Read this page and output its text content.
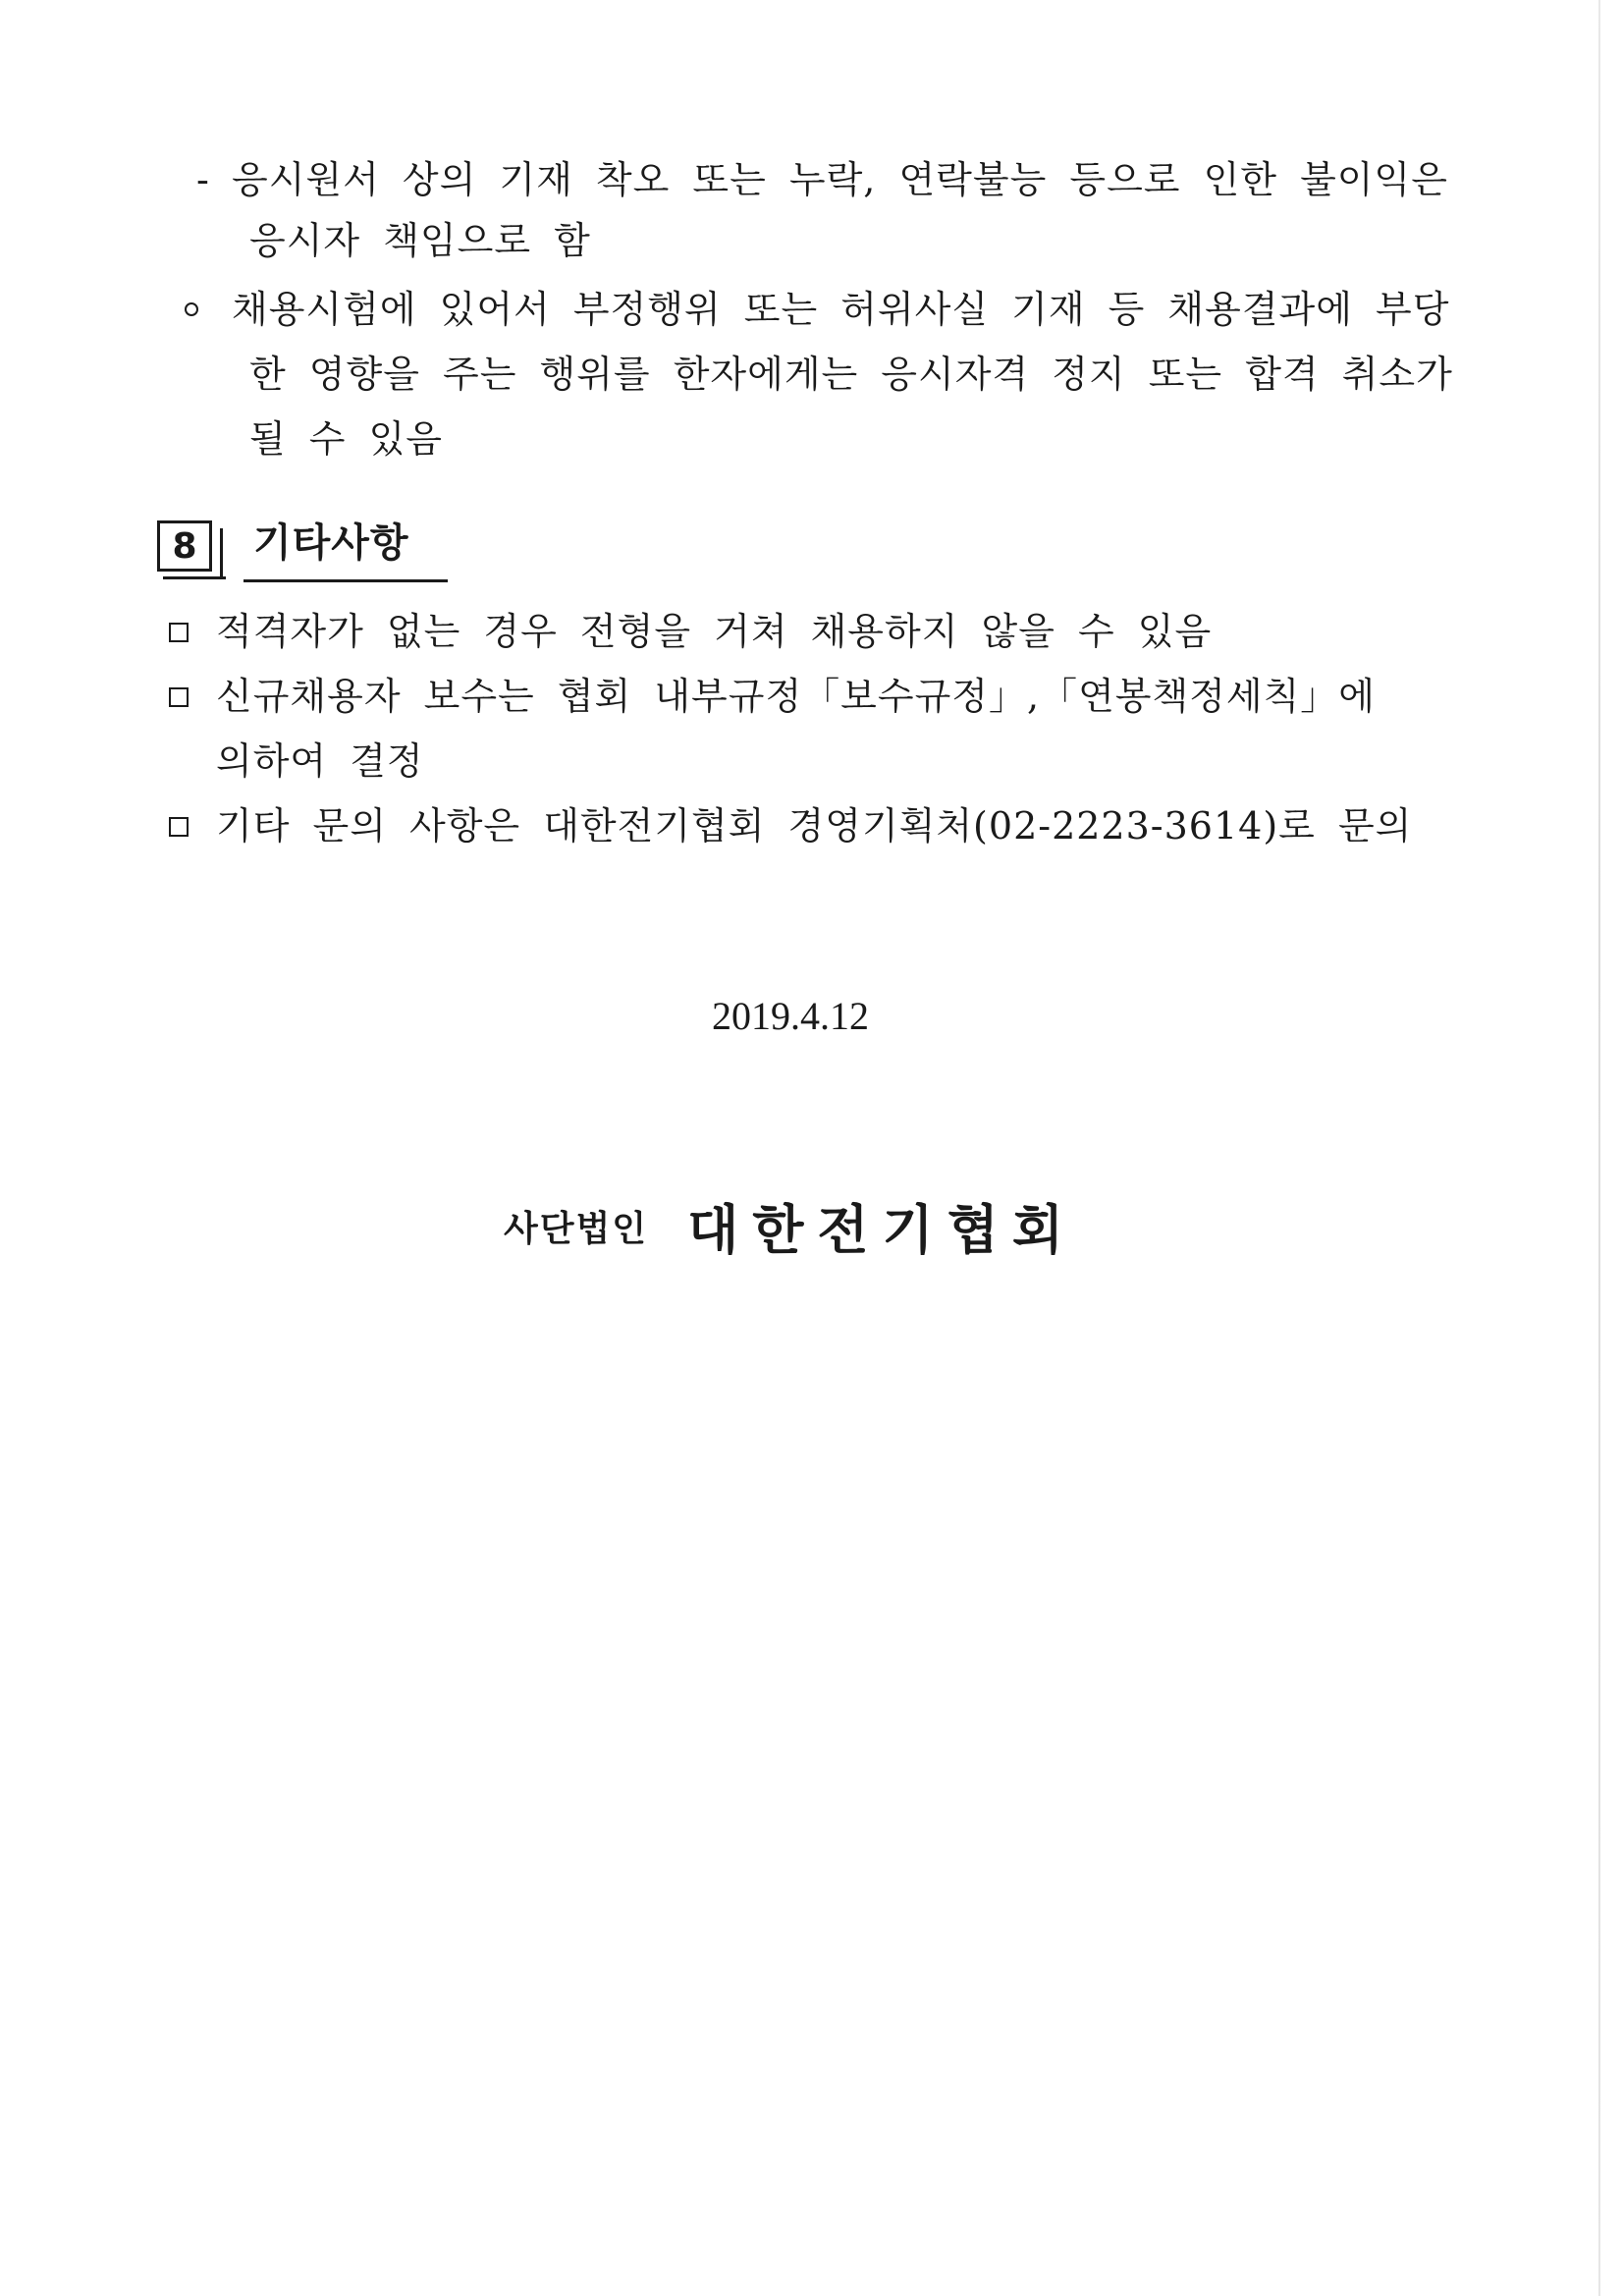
- 응시원서 상의 기재 착오 또는 누락, 연락불능 등으로 인한 불이익은
응시자 책임으로 함
채용시험에 있어서 부정행위 또는 허위사실 기재 등 채용결과에 부당
한 영향을 주는 행위를 한자에게는 응시자격 정지 또는 합격 취소가
될 수 있음
8	기타사항
적격자가 없는 경우 전형을 거쳐 채용하지 않을 수 있음
신규채용자 보수는 협회 내부규정「보수규정」,「연봉책정세칙」에
의하여 결정
기타 문의 사항은 대한전기협회 경영기획처(02-2223-3614)로 문의
2019.4.12
사단법인 대한전기협회
